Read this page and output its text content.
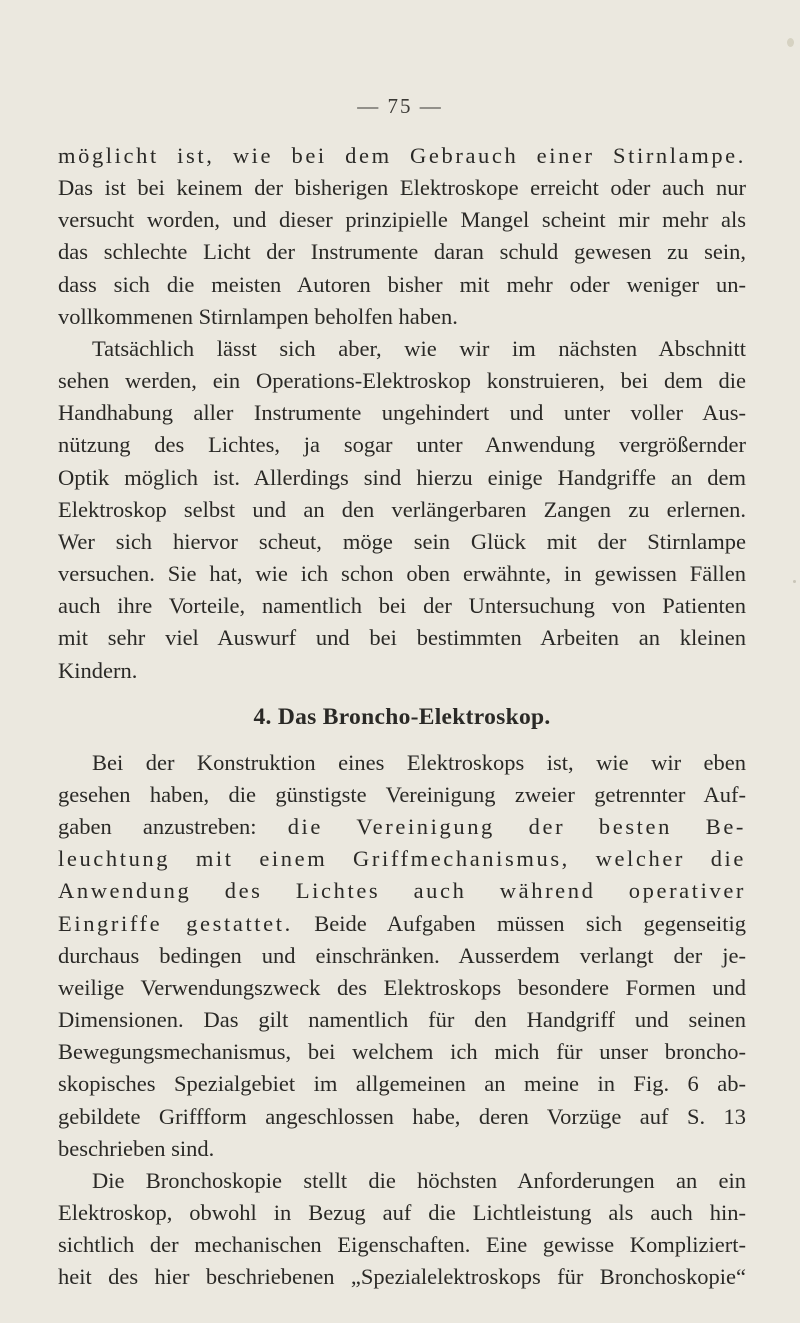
— 75 —
möglicht ist, wie bei dem Gebrauch einer Stirnlampe.
Das ist bei keinem der bisherigen Elektroskope erreicht oder auch nur
versucht worden, und dieser prinzipielle Mangel scheint mir mehr als
das schlechte Licht der Instrumente daran schuld gewesen zu sein,
dass sich die meisten Autoren bisher mit mehr oder weniger un-
vollkommenen Stirnlampen beholfen haben.
Tatsächlich lässt sich aber, wie wir im nächsten Abschnitt
sehen werden, ein Operations-Elektroskop konstruieren, bei dem die
Handhabung aller Instrumente ungehindert und unter voller Aus-
nützung des Lichtes, ja sogar unter Anwendung vergrößernder
Optik möglich ist. Allerdings sind hierzu einige Handgriffe an dem
Elektroskop selbst und an den verlängerbaren Zangen zu erlernen.
Wer sich hiervor scheut, möge sein Glück mit der Stirnlampe
versuchen. Sie hat, wie ich schon oben erwähnte, in gewissen Fällen
auch ihre Vorteile, namentlich bei der Untersuchung von Patienten
mit sehr viel Auswurf und bei bestimmten Arbeiten an kleinen
Kindern.
4. Das Broncho-Elektroskop.
Bei der Konstruktion eines Elektroskops ist, wie wir eben
gesehen haben, die günstigste Vereinigung zweier getrennter Auf-
gaben anzustreben: die Vereinigung der besten Be-
leuchtung mit einem Griffmechanismus, welcher die
Anwendung des Lichtes auch während operativer
Eingriffe gestattet. Beide Aufgaben müssen sich gegenseitig
durchaus bedingen und einschränken. Ausserdem verlangt der je-
weilige Verwendungszweck des Elektroskops besondere Formen und
Dimensionen. Das gilt namentlich für den Handgriff und seinen
Bewegungsmechanismus, bei welchem ich mich für unser broncho-
skopisches Spezialgebiet im allgemeinen an meine in Fig. 6 ab-
gebildete Griffform angeschlossen habe, deren Vorzüge auf S. 13
beschrieben sind.
Die Bronchoskopie stellt die höchsten Anforderungen an ein
Elektroskop, obwohl in Bezug auf die Lichtleistung als auch hin-
sichtlich der mechanischen Eigenschaften. Eine gewisse Kompliziert-
heit des hier beschriebenen „Spezialelektroskops für Bronchoskopie“
